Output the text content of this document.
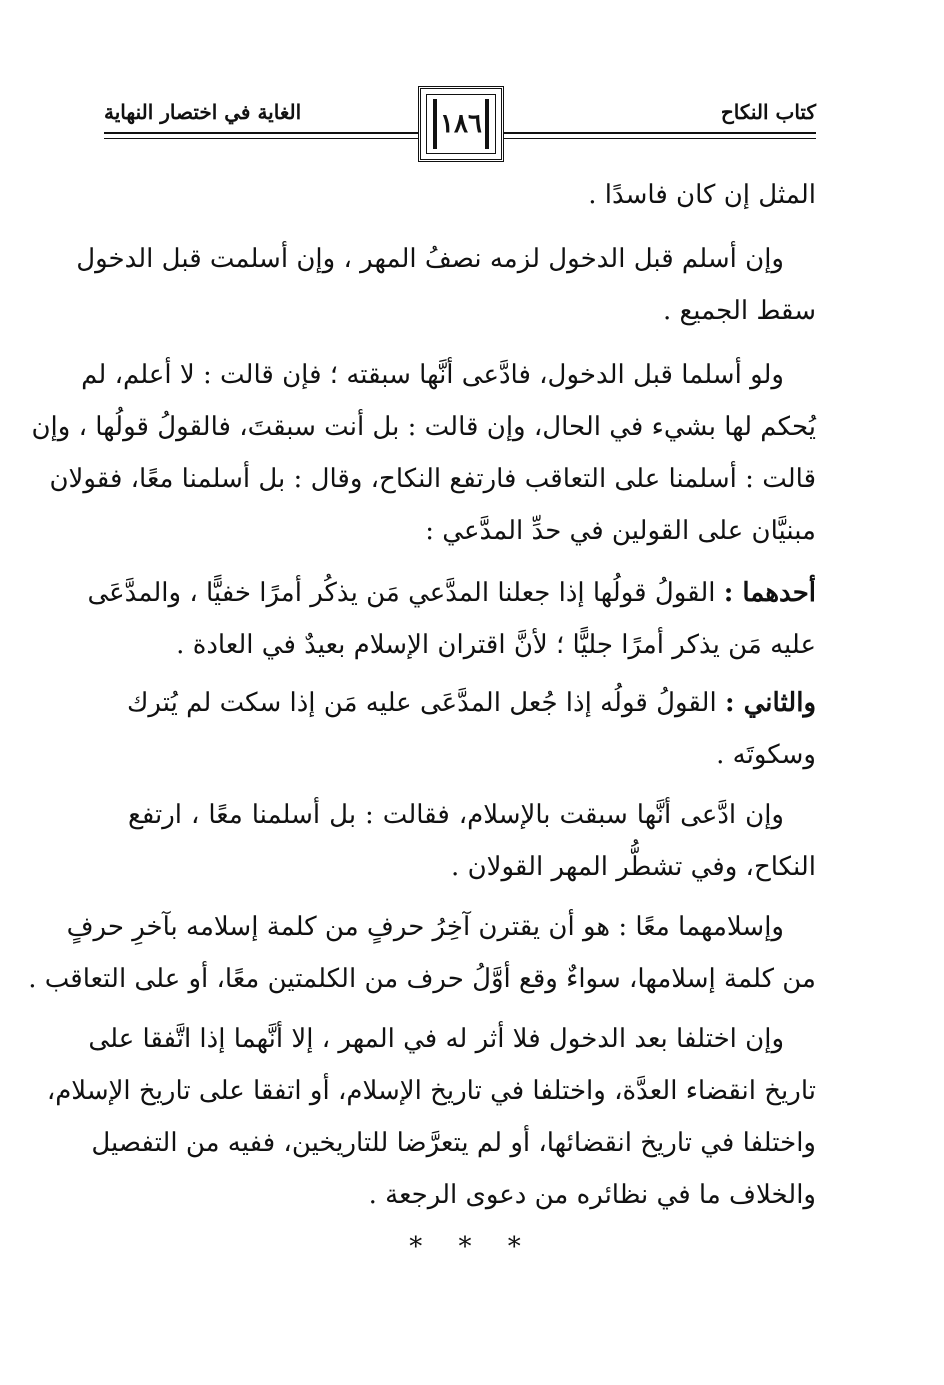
كتاب النكاح
الغاية في اختصار النهاية	١٨٦
المثل إن كان فاسدًا .
وإن أسلم قبل الدخول لزمه نصفُ المهر ، وإن أسلمت قبل الدخول
سقط الجميع .
ولو أسلما قبل الدخول، فادَّعى أنَّها سبقته ؛ فإن قالت : لا أعلم، لم
يُحكم لها بشيء في الحال، وإن قالت : بل أنت سبقتَ، فالقولُ قولُها ، وإن
قالت : أسلمنا على التعاقب فارتفع النكاح، وقال : بل أسلمنا معًا، فقولان
مبنيَّان على القولين في حدِّ المدَّعي :
أحدهما : القولُ قولُها إذا جعلنا المدَّعي مَن يذكُر أمرًا خفيًّا ، والمدَّعَى
عليه مَن يذكر أمرًا جليًّا ؛ لأنَّ اقتران الإسلام بعيدٌ في العادة .
والثاني : القولُ قولُه إذا جُعل المدَّعَى عليه مَن إذا سكت لم يُترك
وسكوتَه .
وإن ادَّعى أنَّها سبقت بالإسلام، فقالت : بل أسلمنا معًا ، ارتفع
النكاح، وفي تشطُّر المهر القولان .
وإسلامهما معًا : هو أن يقترن آخِرُ حرفٍ من كلمة إسلامه بآخرِ حرفٍ
من كلمة إسلامها، سواءٌ وقع أوَّلُ حرف من الكلمتين معًا، أو على التعاقب .
وإن اختلفا بعد الدخول فلا أثر له في المهر ، إلا أنَّهما إذا اتَّفقا على
تاريخ انقضاء العدَّة، واختلفا في تاريخ الإسلام، أو اتفقا على تاريخ الإسلام،
واختلفا في تاريخ انقضائها، أو لم يتعرَّضا للتاريخين، ففيه من التفصيل
والخلاف ما في نظائره من دعوى الرجعة .
* * *
